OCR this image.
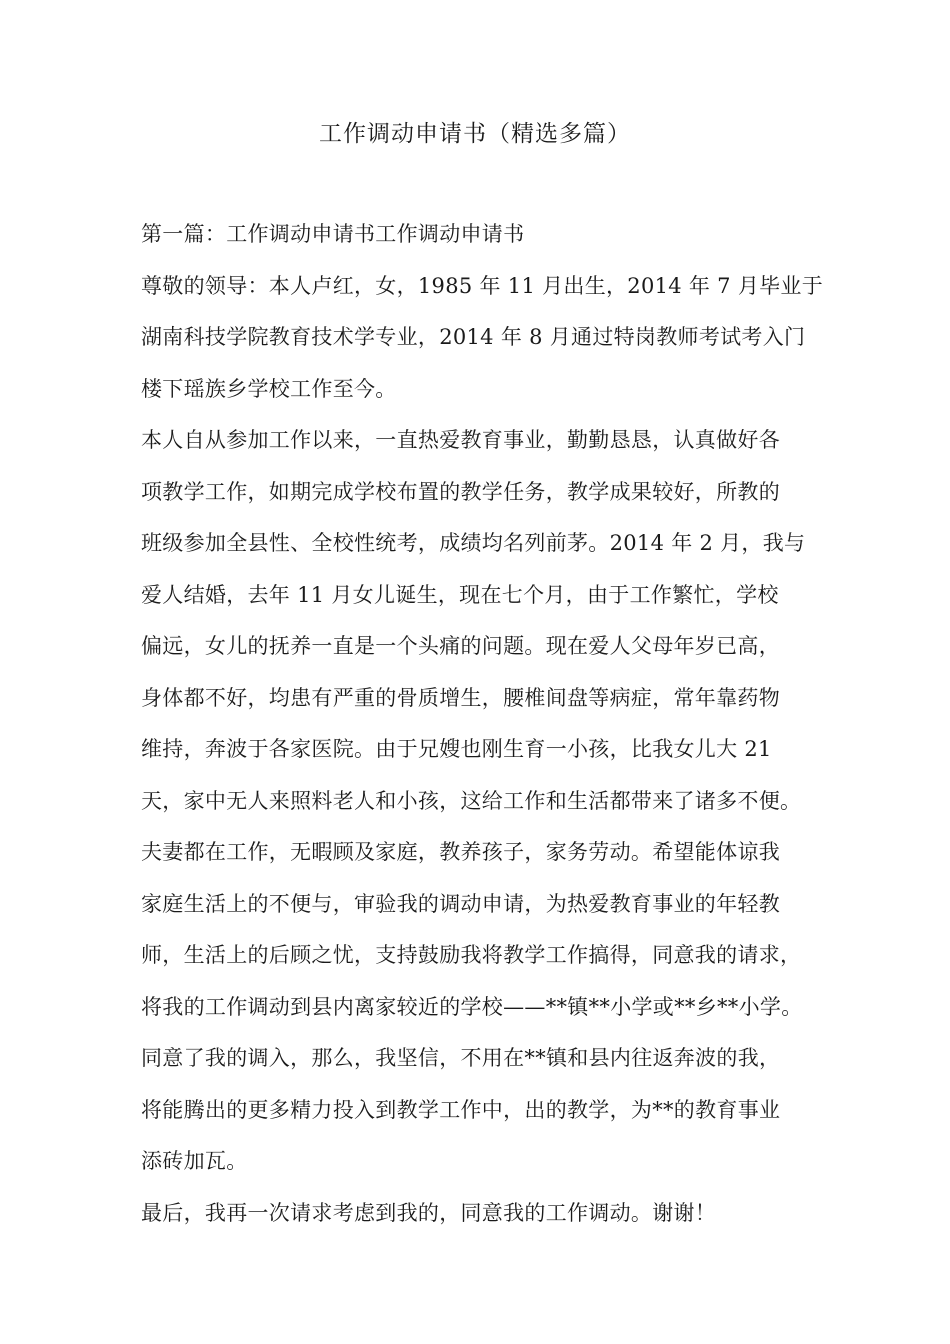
工作调动申请书（精选多篇）
第一篇：工作调动申请书工作调动申请书
尊敬的领导：本人卢红，女，1985 年 11 月出生，2014 年 7 月毕业于
湖南科技学院教育技术学专业，2014 年 8 月通过特岗教师考试考入门
楼下瑶族乡学校工作至今。
本人自从参加工作以来，一直热爱教育事业，勤勤恳恳，认真做好各
项教学工作，如期完成学校布置的教学任务，教学成果较好，所教的
班级参加全县性、全校性统考，成绩均名列前茅。2014 年 2 月，我与
爱人结婚，去年 11 月女儿诞生，现在七个月，由于工作繁忙，学校
偏远，女儿的抚养一直是一个头痛的问题。现在爱人父母年岁已高，
身体都不好，均患有严重的骨质增生，腰椎间盘等病症，常年靠药物
维持，奔波于各家医院。由于兄嫂也刚生育一小孩，比我女儿大 21
天，家中无人来照料老人和小孩，这给工作和生活都带来了诸多不便。
夫妻都在工作，无暇顾及家庭，教养孩子，家务劳动。希望能体谅我
家庭生活上的不便与，审验我的调动申请，为热爱教育事业的年轻教
师，生活上的后顾之忧，支持鼓励我将教学工作搞得，同意我的请求，
将我的工作调动到县内离家较近的学校——**镇**小学或**乡**小学。
同意了我的调入，那么，我坚信，不用在**镇和县内往返奔波的我，
将能腾出的更多精力投入到教学工作中，出的教学，为**的教育事业
添砖加瓦。
最后，我再一次请求考虑到我的，同意我的工作调动。谢谢！
